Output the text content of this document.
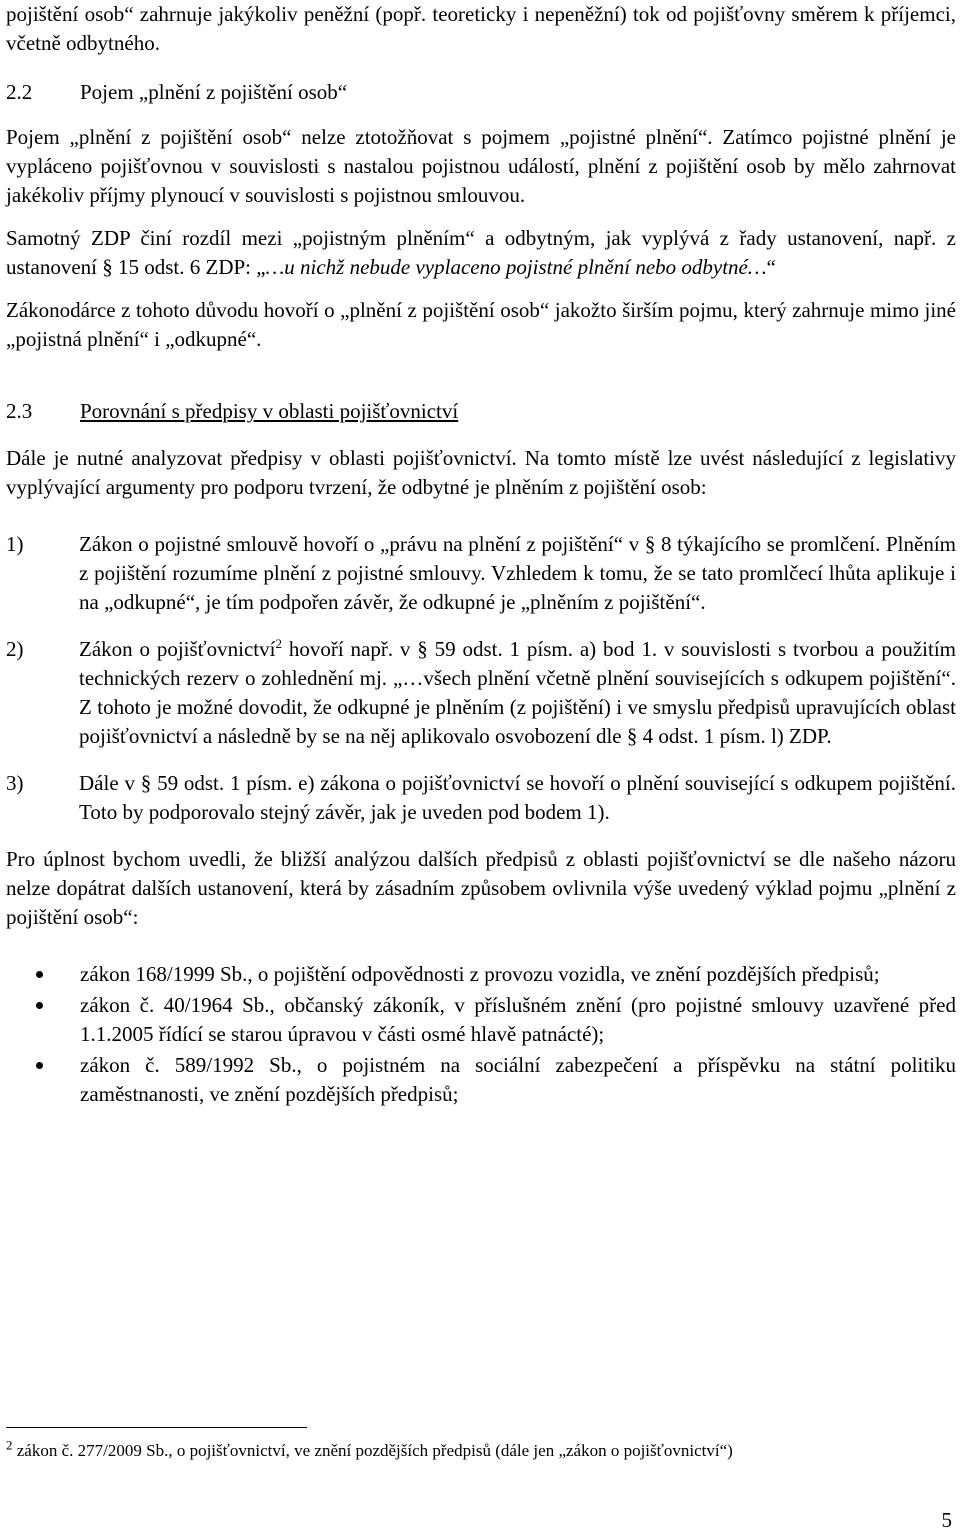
pojištění osob“ zahrnuje jakýkoliv peněžní (popř. teoreticky i nepeněžní) tok od pojišťovny směrem k příjemci, včetně odbytného.

2.2	Pojem „plnění z pojištění osob“

Pojem „plnění z pojištění osob“ nelze ztotožňovat s pojmem „pojistné plnění“. Zatímco pojistné plnění je vypláceno pojišťovnou v souvislosti s nastalou pojistnou událostí, plnění z pojištění osob by mělo zahrnovat jakékoliv příjmy plynoucí v souvislosti s pojistnou smlouvou.

Samotný ZDP činí rozdíl mezi „pojistným plněním“ a odbytným, jak vyplývá z řady ustanovení, např. z ustanovení § 15 odst. 6 ZDP: „…u nichž nebude vyplaceno pojistné plnění nebo odbytné…“

Zákonodárce z tohoto důvodu hovoří o „plnění z pojištění osob“ jakožto širším pojmu, který zahrnuje mimo jiné „pojistná plnění“ i „odkupné“.

2.3	Porovnání s předpisy v oblasti pojišťovnictví

Dále je nutné analyzovat předpisy v oblasti pojišťovnictví. Na tomto místě lze uvést následující z legislativy vyplývající argumenty pro podporu tvrzení, že odbytné je plněním z pojištění osob:

1)	Zákon o pojistné smlouvě hovoří o „právu na plnění z pojištění“ v § 8 týkajícího se promlčení. Plněním z pojištění rozumíme plnění z pojistné smlouvy. Vzhledem k tomu, že se tato promlčecí lhůta aplikuje i na „odkupné“, je tím podpořen závěr, že odkupné je „plněním z pojištění“.
2)	Zákon o pojišťovnictví$^2$ hovoří např. v § 59 odst. 1 písm. a) bod 1. v souvislosti s tvorbou a použitím technických rezerv o zohlednění mj. „…všech plnění včetně plnění souvisejících s odkupem pojištění“. Z tohoto je možné dovodit, že odkupné je plněním (z pojištění) i ve smyslu předpisů upravujících oblast pojišťovnictví a následně by se na něj aplikovalo osvobození dle § 4 odst. 1 písm. l) ZDP.
3)	Dále v § 59 odst. 1 písm. e) zákona o pojišťovnictví se hovoří o plnění související s odkupem pojištění. Toto by podporovalo stejný závěr, jak je uveden pod bodem 1).

Pro úplnost bychom uvedli, že bližší analýzou dalších předpisů z oblasti pojišťovnictví se dle našeho názoru nelze dopátrat dalších ustanovení, která by zásadním způsobem ovlivnila výše uvedený výklad pojmu „plnění z pojištění osob“:

zákon 168/1999 Sb., o pojištění odpovědnosti z provozu vozidla, ve znění pozdějších předpisů;
zákon č. 40/1964 Sb., občanský zákoník, v příslušném znění (pro pojistné smlouvy uzavřené před 1.1.2005 řídící se starou úpravou v části osmé hlavě patnácté);
zákon č. 589/1992 Sb., o pojistném na sociální zabezpečení a příspěvku na státní politiku zaměstnanosti, ve znění pozdějších předpisů;
$^2$ zákon č. 277/2009 Sb., o pojišťovnictví, ve znění pozdějších předpisů (dále jen „zákon o pojišťovnictví“)
5
